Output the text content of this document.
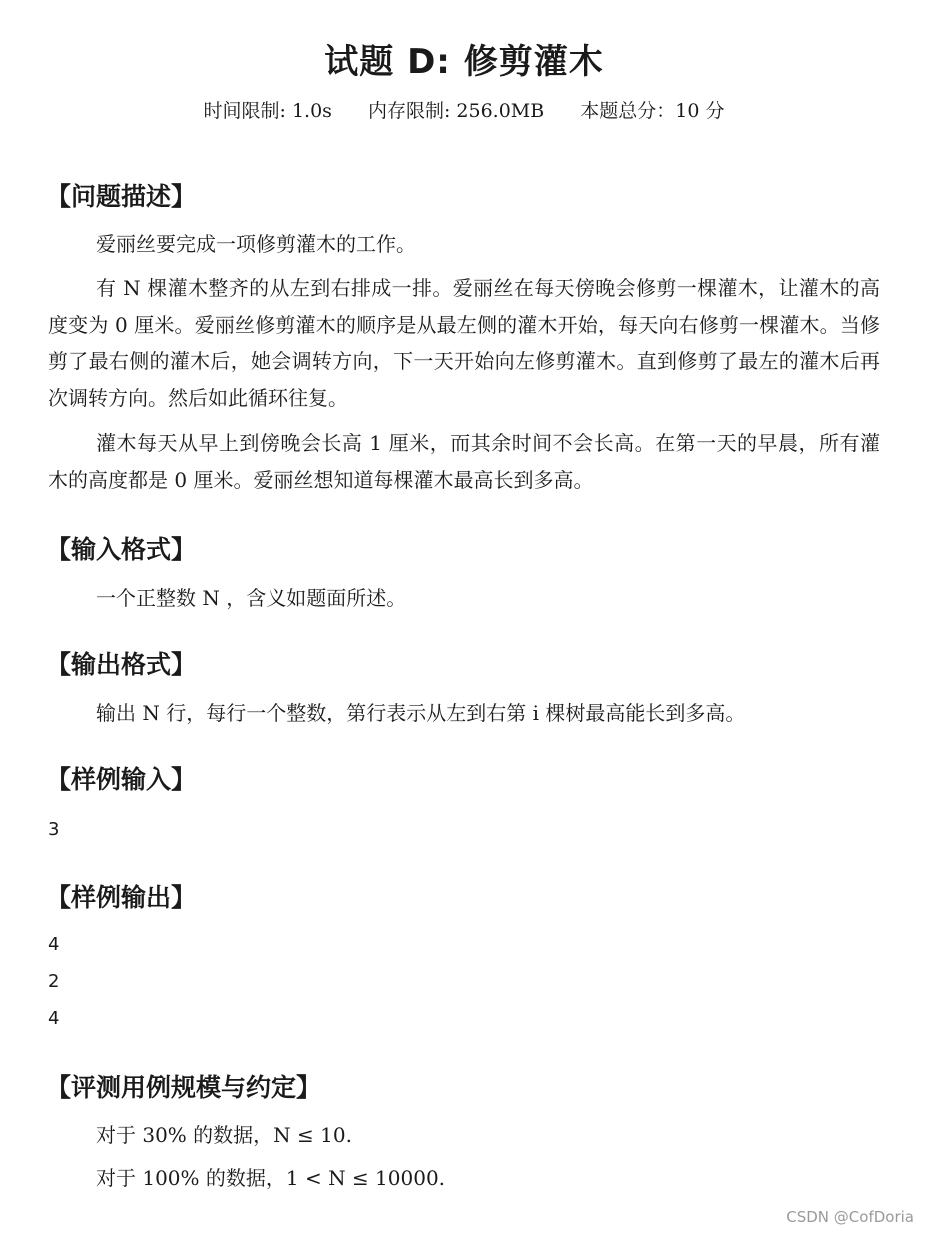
试题 D: 修剪灌木
时间限制: 1.0s 内存限制: 256.0MB 本题总分：10 分
【问题描述】

爱丽丝要完成一项修剪灌木的工作。

有 N 棵灌木整齐的从左到右排成一排。爱丽丝在每天傍晚会修剪一棵灌木，让灌木的高度变为 0 厘米。爱丽丝修剪灌木的顺序是从最左侧的灌木开始，每天向右修剪一棵灌木。当修剪了最右侧的灌木后，她会调转方向，下一天开始向左修剪灌木。直到修剪了最左的灌木后再次调转方向。然后如此循环往复。

灌木每天从早上到傍晚会长高 1 厘米，而其余时间不会长高。在第一天的早晨，所有灌木的高度都是 0 厘米。爱丽丝想知道每棵灌木最高长到多高。

【输入格式】

一个正整数 N ，含义如题面所述。

【输出格式】

输出 N 行，每行一个整数，第行表示从左到右第 i 棵树最高能长到多高。

【样例输入】
3
【样例输出】
4
2
4
【评测用例规模与约定】

对于 30% 的数据，N ≤ 10.

对于 100% 的数据，1 < N ≤ 10000.

CSDN @CofDoria
